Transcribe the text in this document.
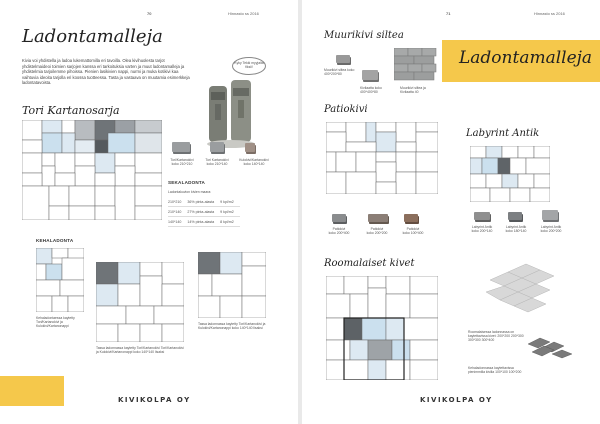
70	Hinnasto ss 2016
Ladontamalleja
Kivia voi yhdistella ja ladoa lukemattomilla eri tavoilla. Olea kivihuolesta tarjot yhdistelmaideoi toimien sarjojen kanssa eri tarkoituksia varten ja muut ladontamalleja ja yhdistelmia tarjoilemme pihoissa. Pienien lasikivien nappi, nurmi ja muka kotikivi kaa vaihtuvia ideoita tarjolla eri koossa tuotteessa. Tasta ja vastaava on muutamia esimerkkeja ladontatavoista.
Kyky Tekki myyjalta fiksii!
Tori Kartanosarja
Tori/Kartanokivi
koko 210*210
Tori Kartanokivi
koko 210*140
Kulokivi/Kartanokivi
koko 140*140
SEKALADONTA
Ladontakuvion kivien maara:
210*210	36% pinta-alasta	9 kpl/m2
210*140	27% pinta-alasta	9 kpl/m2
140*140	14% pinta-alasta	8 kpl/m2
KEHALADONTA
Kehaladontaessa kaytetty Tori/Kartanokivi ja Kulokivi/Kartanonappi
Tassa ladonnassa kaytetty Tori/Kartanokivi Tori/Kartanokivi ja Kulokivi/Kartanonappi koko 140*140 lisaksi
Tassa ladonnassa kaytetty Tori/Kartanokivi ja Kulokivi/Kartanonappi koko 140*140 lisaksi
KIVIKOLPA OY
71	Hinnasto ss 2016
Ladontamalleja
Muurikivi siltea
Muurikivi siltea koko 400*200*80
Kivilaatta koko 400*400*80
Muurikivi siltea ja Kivilaatta 40
Patiokivi
Patiokivi
koko 200*400
Patiokivi
koko 200*200
Patiokivi
koko 100*400
Labyrint Antik
Labyrint Antik
koko 200*140
Labyrint Antik
koko 180*140
Labyrint Antik
koko 200*200
Roomalaiset kivet
Roomalaisessa ladonnassa on kaytettavissa kivet: 200*200 200*300 300*300 300*400
Kehaladonnassa kaytettavissa pienimmilla kivilla 100*100 100*200
KIVIKOLPA OY
